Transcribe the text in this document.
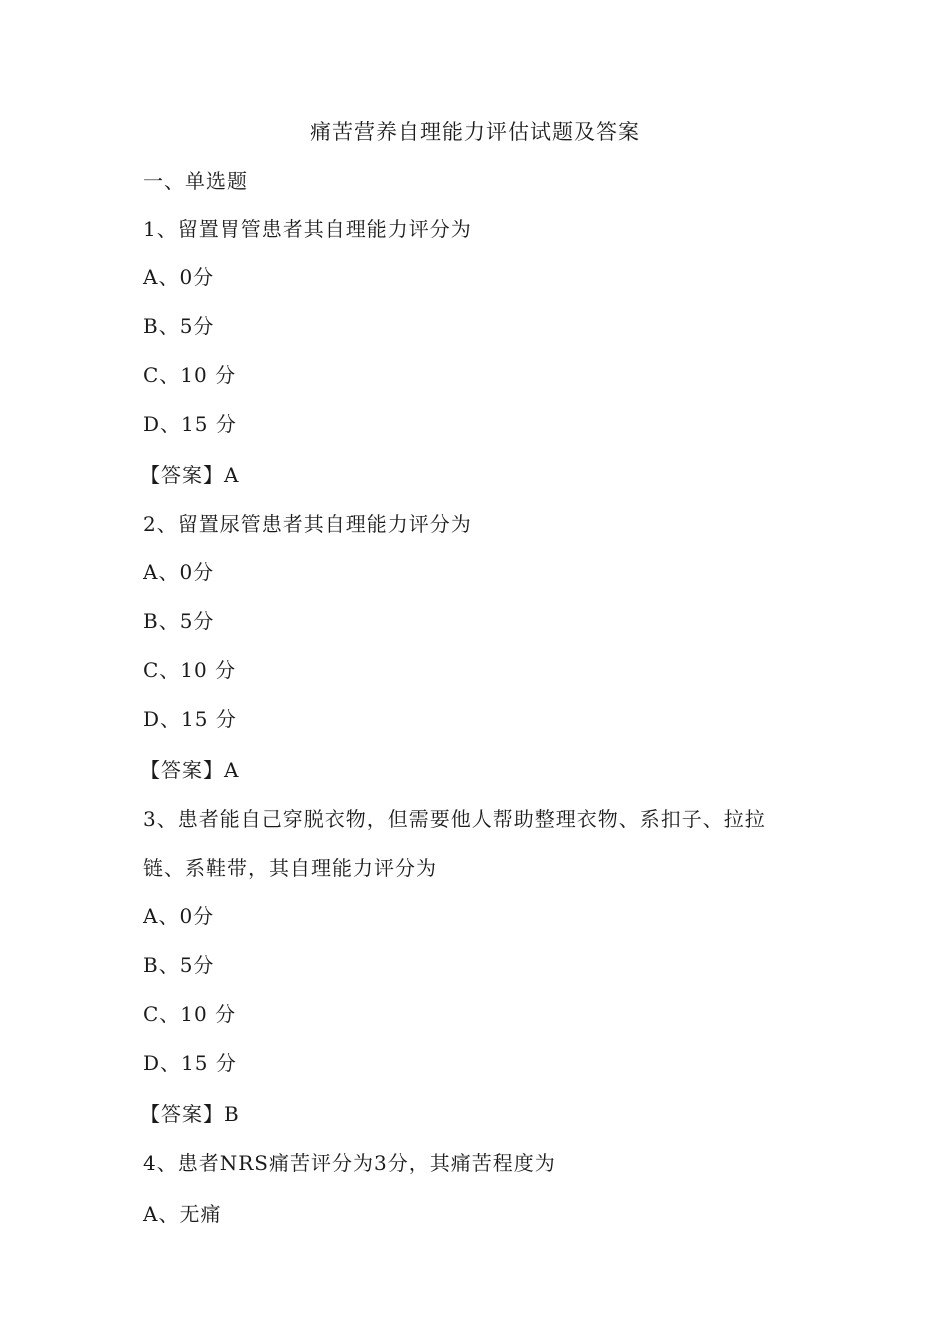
痛苦营养自理能力评估试题及答案
一、单选题
1、留置胃管患者其自理能力评分为
A、0分
B、5分
C、10 分
D、15 分
【答案】A
2、留置尿管患者其自理能力评分为
A、0分
B、5分
C、10 分
D、15 分
【答案】A
3、患者能自己穿脱衣物，但需要他人帮助整理衣物、系扣子、拉拉
链、系鞋带，其自理能力评分为
A、0分
B、5分
C、10 分
D、15 分
【答案】B
4、患者NRS痛苦评分为3分，其痛苦程度为
A、无痛
